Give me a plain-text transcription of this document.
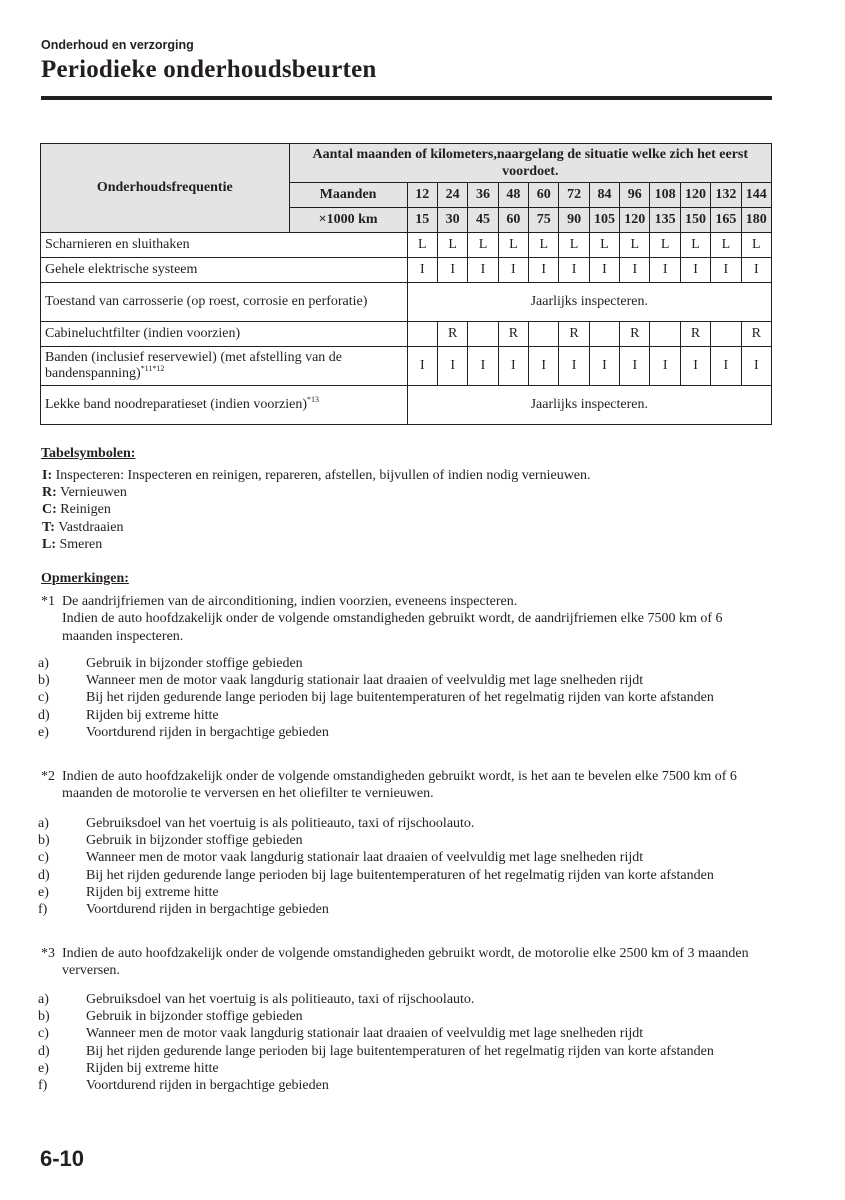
Onderhoud en verzorging
Periodieke onderhoudsbeurten
Onderhoudsfrequentie	Aantal maanden of kilometers,naargelang de situatie welke zich het eerst voordoet.												
	Maanden	12	24	36	48	60	72	84	96	108	120	132	144
	×1000 km	15	30	45	60	75	90	105	120	135	150	165	180
Scharnieren en sluithaken		L	L	L	L	L	L	L	L	L	L	L	L
Gehele elektrische systeem		I	I	I	I	I	I	I	I	I	I	I	I
Toestand van carrosserie (op roest, corrosie en perforatie)		Jaarlijks inspecteren.											
Cabineluchtfilter (indien voorzien)			R		R		R		R		R		R
Banden (inclusief reservewiel) (met afstelling van de bandenspanning)$^{*11*12}$		I	I	I	I	I	I	I	I	I	I	I	I
Lekke band noodreparatieset (indien voorzien)$^{*13}$		Jaarlijks inspecteren.											
Tabelsymbolen:
I: Inspecteren: Inspecteren en reinigen, repareren, afstellen, bijvullen of indien nodig vernieuwen.
R: Vernieuwen
C: Reinigen
T: Vastdraaien
L: Smeren
Opmerkingen:
*1 De aandrijfriemen van de airconditioning, indien voorzien, eveneens inspecteren.
Indien de auto hoofdzakelijk onder de volgende omstandigheden gebruikt wordt, de aandrijfriemen elke 7500 km of 6 maanden inspecteren.
a)	Gebruik in bijzonder stoffige gebieden
b)	Wanneer men de motor vaak langdurig stationair laat draaien of veelvuldig met lage snelheden rijdt
c)	Bij het rijden gedurende lange perioden bij lage buitentemperaturen of het regelmatig rijden van korte afstanden
d)	Rijden bij extreme hitte
e)	Voortdurend rijden in bergachtige gebieden
*2 Indien de auto hoofdzakelijk onder de volgende omstandigheden gebruikt wordt, is het aan te bevelen elke 7500 km of 6 maanden de motorolie te verversen en het oliefilter te vernieuwen.
a)	Gebruiksdoel van het voertuig is als politieauto, taxi of rijschoolauto.
b)	Gebruik in bijzonder stoffige gebieden
c)	Wanneer men de motor vaak langdurig stationair laat draaien of veelvuldig met lage snelheden rijdt
d)	Bij het rijden gedurende lange perioden bij lage buitentemperaturen of het regelmatig rijden van korte afstanden
e)	Rijden bij extreme hitte
f)	Voortdurend rijden in bergachtige gebieden
*3 Indien de auto hoofdzakelijk onder de volgende omstandigheden gebruikt wordt, de motorolie elke 2500 km of 3 maanden verversen.
a)	Gebruiksdoel van het voertuig is als politieauto, taxi of rijschoolauto.
b)	Gebruik in bijzonder stoffige gebieden
c)	Wanneer men de motor vaak langdurig stationair laat draaien of veelvuldig met lage snelheden rijdt
d)	Bij het rijden gedurende lange perioden bij lage buitentemperaturen of het regelmatig rijden van korte afstanden
e)	Rijden bij extreme hitte
f)	Voortdurend rijden in bergachtige gebieden
6-10
